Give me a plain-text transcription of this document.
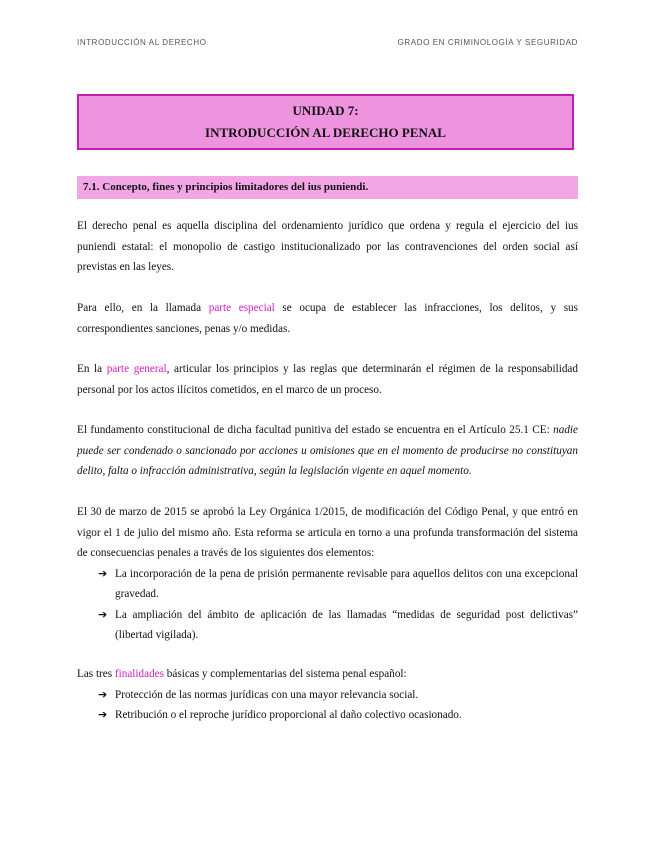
INTRODUCCIÓN AL DERECHO	GRADO EN CRIMINOLOGÍA Y SEGURIDAD
UNIDAD 7:
INTRODUCCIÓN AL DERECHO PENAL
7.1. Concepto, fines y principios limitadores del ius puniendi.

El derecho penal es aquella disciplina del ordenamiento jurídico que ordena y regula el ejercicio del ius puniendi estatal: el monopolio de castigo institucionalizado por las contravenciones del orden social así previstas en las leyes.

Para ello, en la llamada parte especial se ocupa de establecer las infracciones, los delitos, y sus correspondientes sanciones, penas y/o medidas.

En la parte general, articular los principios y las reglas que determinarán el régimen de la responsabilidad personal por los actos ilícitos cometidos, en el marco de un proceso.

El fundamento constitucional de dicha facultad punitiva del estado se encuentra en el Artículo 25.1 CE: nadie puede ser condenado o sancionado por acciones u omisiones que en el momento de producirse no constituyan delito, falta o infracción administrativa, según la legislación vigente en aquel momento.

El 30 de marzo de 2015 se aprobó la Ley Orgánica 1/2015, de modificación del Código Penal, y que entró en vigor el 1 de julio del mismo año. Esta reforma se articula en torno a una profunda transformación del sistema de consecuencias penales a través de los siguientes dos elementos:

➔ La incorporación de la pena de prisión permanente revisable para aquellos delitos con una excepcional gravedad.
➔ La ampliación del ámbito de aplicación de las llamadas “medidas de seguridad post delictivas” (libertad vigilada).

Las tres finalidades básicas y complementarias del sistema penal español:

➔ Protección de las normas jurídicas con una mayor relevancia social.
➔ Retribución o el reproche jurídico proporcional al daño colectivo ocasionado.
